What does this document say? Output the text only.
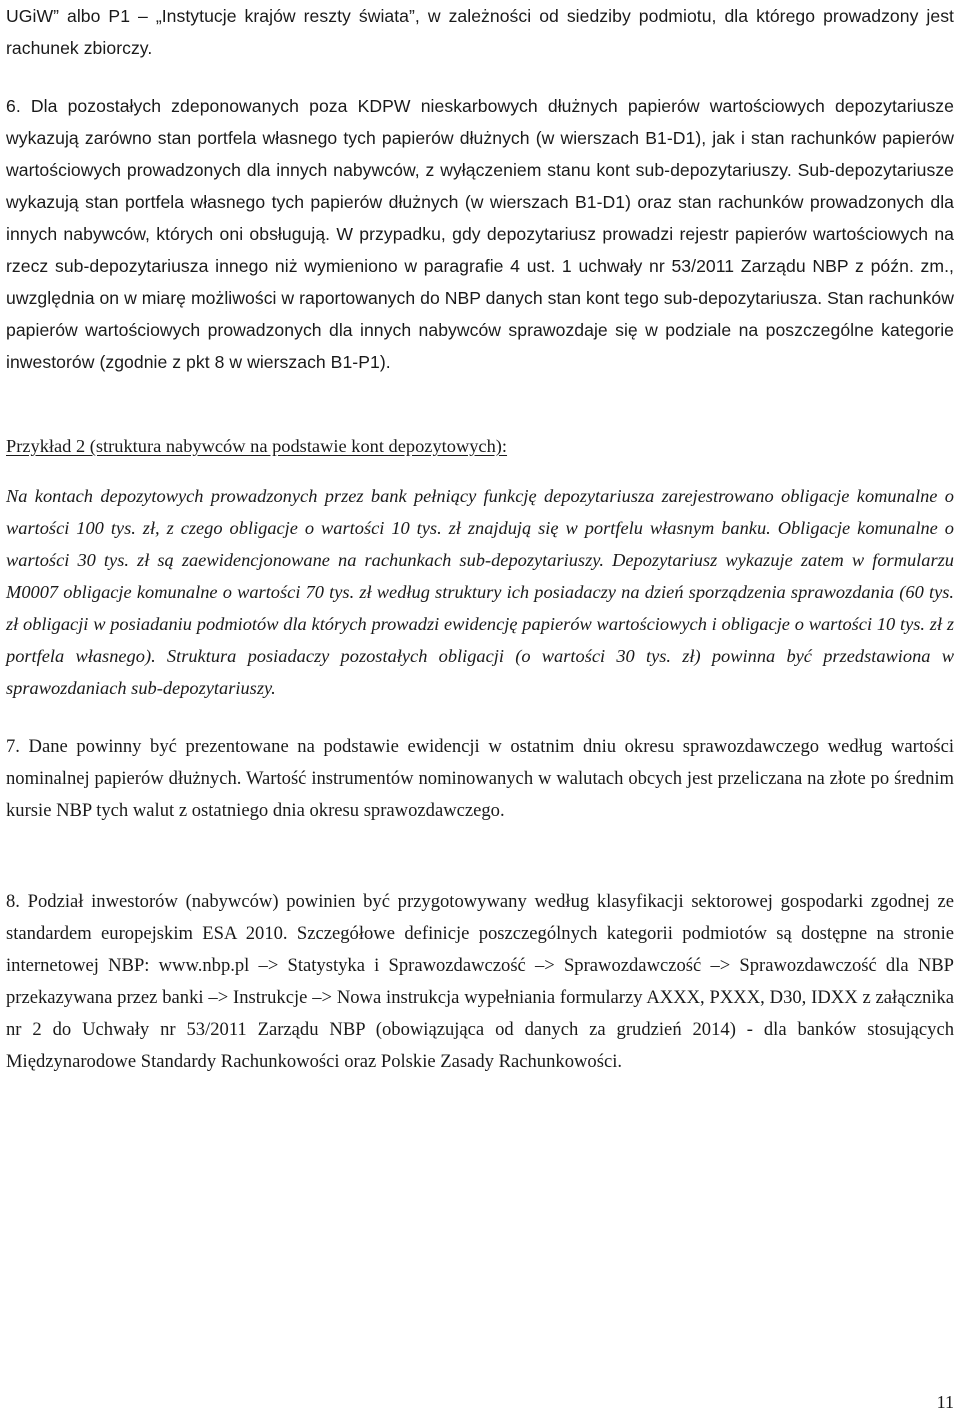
UGiW” albo P1 – „Instytucje krajów reszty świata”, w zależności od siedziby podmiotu, dla którego prowadzony jest rachunek zbiorczy.

6. Dla pozostałych zdeponowanych poza KDPW nieskarbowych dłużnych papierów wartościowych depozytariusze wykazują zarówno stan portfela własnego tych papierów dłużnych (w wierszach B1-D1), jak i stan rachunków papierów wartościowych prowadzonych dla innych nabywców, z wyłączeniem stanu kont sub-depozytariuszy. Sub-depozytariusze wykazują stan portfela własnego tych papierów dłużnych (w wierszach B1-D1) oraz stan rachunków prowadzonych dla innych nabywców, których oni obsługują. W przypadku, gdy depozytariusz prowadzi rejestr papierów wartościowych na rzecz sub-depozytariusza innego niż wymieniono w paragrafie 4 ust. 1 uchwały nr 53/2011 Zarządu NBP z późn. zm., uwzględnia on w miarę możliwości w raportowanych do NBP danych stan kont tego sub-depozytariusza. Stan rachunków papierów wartościowych prowadzonych dla innych nabywców sprawozdaje się w podziale na poszczególne kategorie inwestorów (zgodnie z pkt 8 w wierszach B1-P1).

Przykład 2 (struktura nabywców na podstawie kont depozytowych):

Na kontach depozytowych prowadzonych przez bank pełniący funkcję depozytariusza zarejestrowano obligacje komunalne o wartości 100 tys. zł, z czego obligacje o wartości 10 tys. zł znajdują się w portfelu własnym banku. Obligacje komunalne o wartości 30 tys. zł są zaewidencjonowane na rachunkach sub-depozytariuszy. Depozytariusz wykazuje zatem w formularzu M0007 obligacje komunalne o wartości 70 tys. zł według struktury ich posiadaczy na dzień sporządzenia sprawozdania (60 tys. zł obligacji w posiadaniu podmiotów dla których prowadzi ewidencję papierów wartościowych i obligacje o wartości 10 tys. zł z portfela własnego). Struktura posiadaczy pozostałych obligacji (o wartości 30 tys. zł) powinna być przedstawiona w sprawozdaniach sub-depozytariuszy.

7. Dane powinny być prezentowane na podstawie ewidencji w ostatnim dniu okresu sprawozdawczego według wartości nominalnej papierów dłużnych. Wartość instrumentów nominowanych w walutach obcych jest przeliczana na złote po średnim kursie NBP tych walut z ostatniego dnia okresu sprawozdawczego.

8. Podział inwestorów (nabywców) powinien być przygotowywany według klasyfikacji sektorowej gospodarki zgodnej ze standardem europejskim ESA 2010. Szczegółowe definicje poszczególnych kategorii podmiotów są dostępne na stronie internetowej NBP: www.nbp.pl –> Statystyka i Sprawozdawczość –> Sprawozdawczość –> Sprawozdawczość dla NBP przekazywana przez banki –> Instrukcje –> Nowa instrukcja wypełniania formularzy AXXX, PXXX, D30, IDXX z załącznika nr 2 do Uchwały nr 53/2011 Zarządu NBP (obowiązująca od danych za grudzień 2014) - dla banków stosujących Międzynarodowe Standardy Rachunkowości oraz Polskie Zasady Rachunkowości.

11
